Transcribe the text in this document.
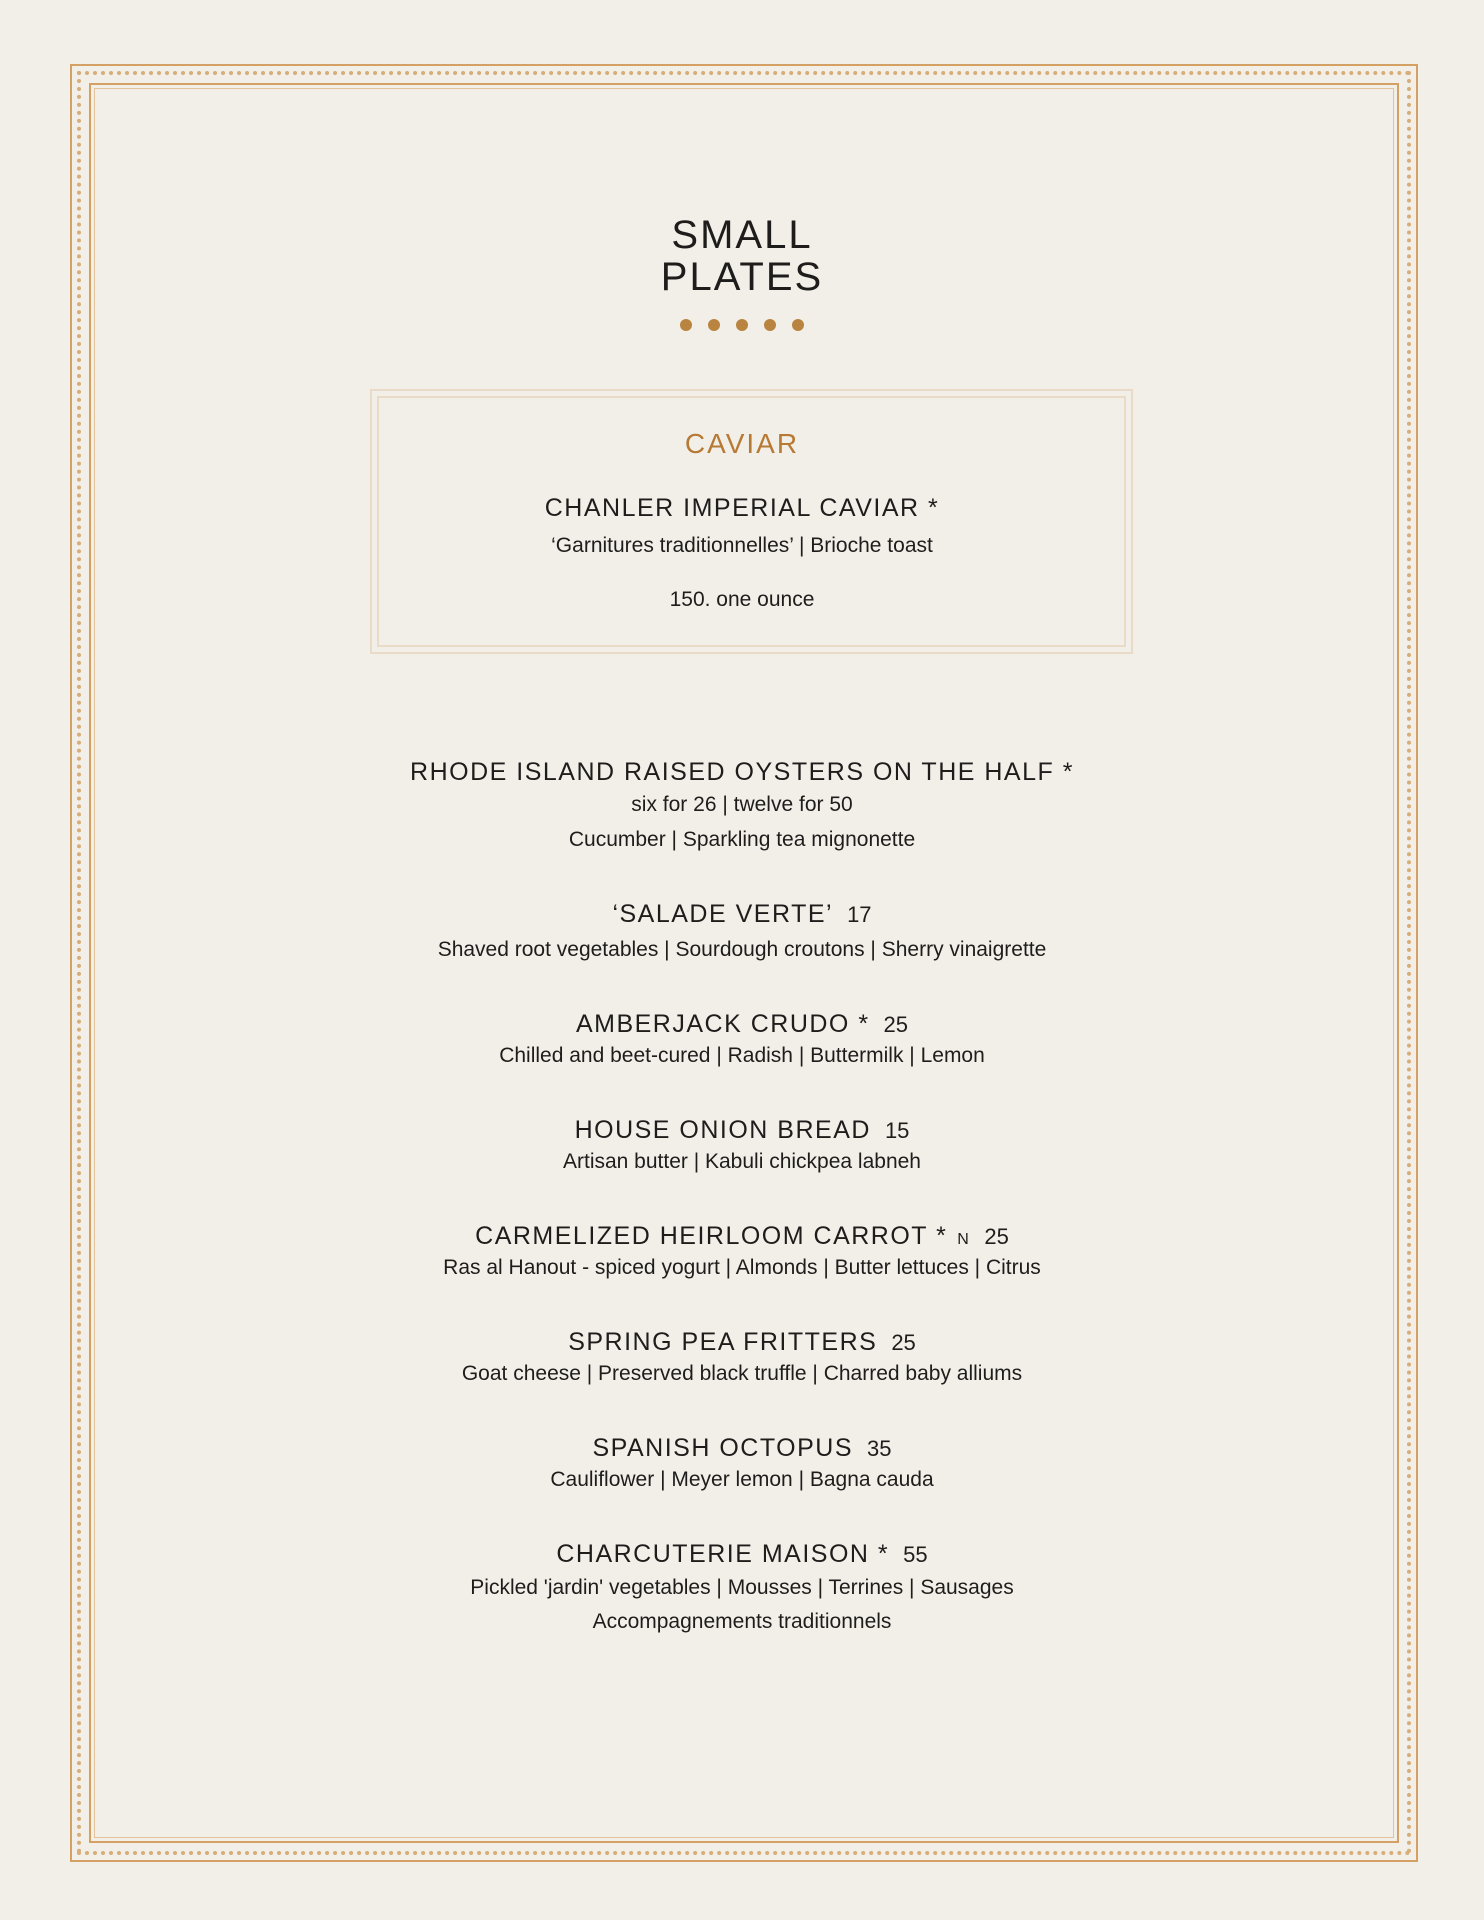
SMALL
PLATES
CAVIAR
CHANLER IMPERIAL CAVIAR *
‘Garnitures traditionnelles’ | Brioche toast
150. one ounce
RHODE ISLAND RAISED OYSTERS ON THE HALF *
six for 26 | twelve for 50
Cucumber | Sparkling tea mignonette
‘SALADE VERTE’ 17
Shaved root vegetables | Sourdough croutons | Sherry vinaigrette
AMBERJACK CRUDO * 25
Chilled and beet-cured | Radish | Buttermilk | Lemon
HOUSE ONION BREAD 15
Artisan butter | Kabuli chickpea labneh
CARMELIZED HEIRLOOM CARROT * N 25
Ras al Hanout - spiced yogurt | Almonds | Butter lettuces | Citrus
SPRING PEA FRITTERS 25
Goat cheese | Preserved black truffle | Charred baby alliums
SPANISH OCTOPUS 35
Cauliflower | Meyer lemon | Bagna cauda
CHARCUTERIE MAISON * 55
Pickled 'jardin' vegetables | Mousses | Terrines | Sausages
Accompagnements traditionnels
